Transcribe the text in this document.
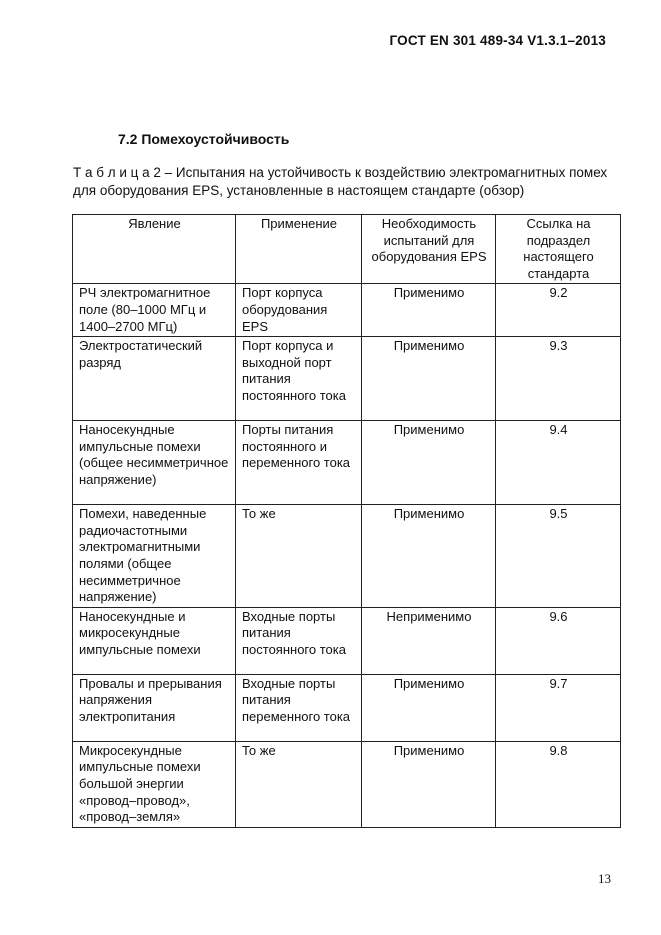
ГОСТ EN 301 489-34 V1.3.1–2013
7.2 Помехоустойчивость
Т а б л и ц а 2 – Испытания на устойчивость к воздействию электромагнитных помех для оборудования EPS, установленные в настоящем стандарте (обзор)
Явление	Применение	Необходимость испытаний для оборудования EPS	Ссылка на подраздел настоящего стандарта
РЧ электромагнитное поле (80–1000 МГц и 1400–2700 МГц)	Порт корпуса оборудования EPS	Применимо	9.2
Электростатический разряд	Порт корпуса и выходной порт питания постоянного тока	Применимо	9.3
Наносекундные импульсные помехи (общее несимметричное напряжение)	Порты питания постоянного и переменного тока	Применимо	9.4
Помехи, наведенные радиочастотными электромагнитными полями (общее несимметричное напряжение)	То же	Применимо	9.5
Наносекундные и микросекундные импульсные помехи	Входные порты питания постоянного тока	Неприменимо	9.6
Провалы и прерывания напряжения электропитания	Входные порты питания переменного тока	Применимо	9.7
Микросекундные импульсные помехи большой энергии «провод–провод», «провод–земля»	То же	Применимо	9.8
13
